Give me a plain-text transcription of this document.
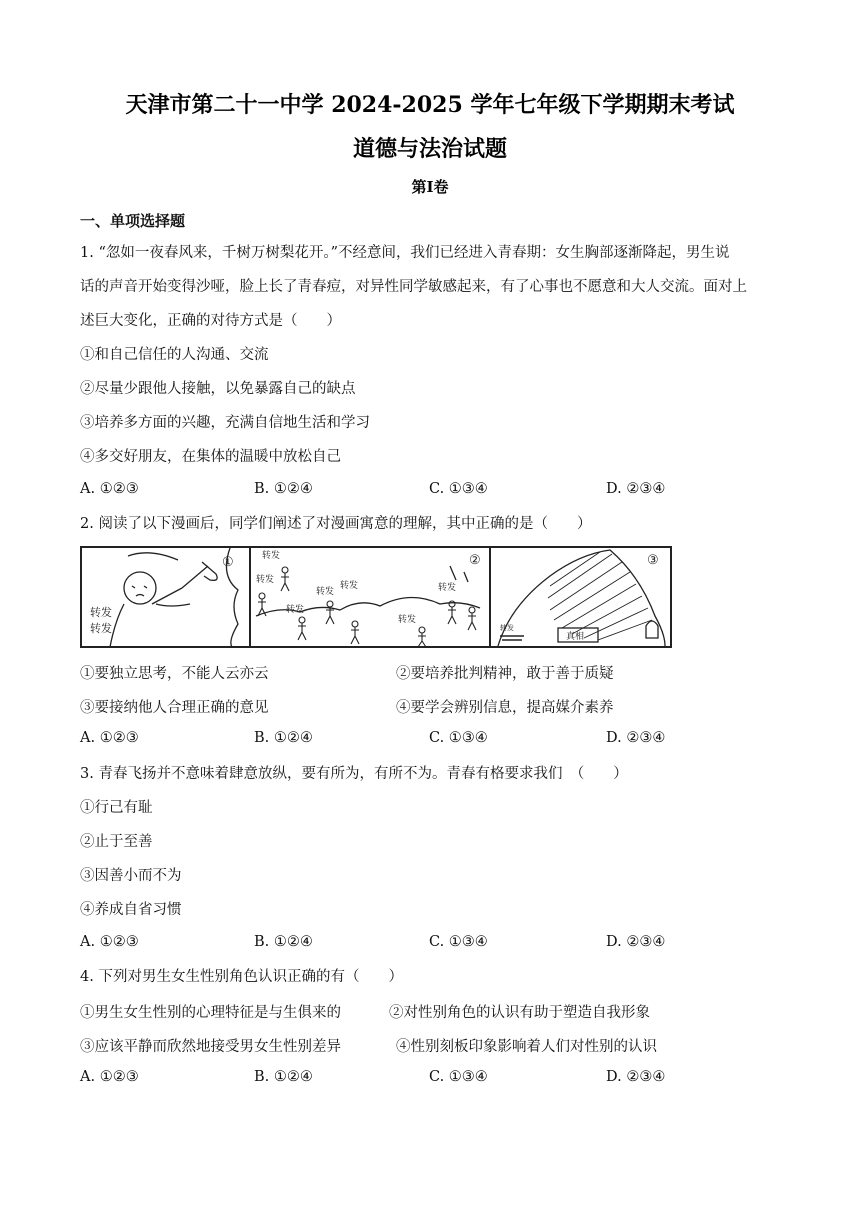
天津市第二十一中学 2024-2025 学年七年级下学期期末考试
道德与法治试题
第Ⅰ卷
一、单项选择题
1. “忽如一夜春风来，千树万树梨花开。”不经意间，我们已经进入青春期：女生胸部逐渐降起，男生说
话的声音开始变得沙哑，脸上长了青春痘，对异性同学敏感起来，有了心事也不愿意和大人交流。面对上
述巨大变化，正确的对待方式是（　　）
①和自己信任的人沟通、交流
②尽量少跟他人接触，以免暴露自己的缺点
③培养多方面的兴趣，充满自信地生活和学习
④多交好朋友，在集体的温暖中放松自己
A. ①②③	B. ①②④	C. ①③④	D. ②③④
2. 阅读了以下漫画后，同学们阐述了对漫画寓意的理解，其中正确的是（　　）
①	②	③
转发
转发
转发
转发
转发
转发
转发
转发
转发
真相
转发
①要独立思考，不能人云亦云	②要培养批判精神，敢于善于质疑
③要接纳他人合理正确的意见	④要学会辨别信息，提高媒介素养
A. ①②③	B. ①②④	C. ①③④	D. ②③④
3. 青春飞扬并不意味着肆意放纵，要有所为，有所不为。青春有格要求我们　（　　）
①行己有耻
②止于至善
③因善小而不为
④养成自省习惯
A. ①②③	B. ①②④	C. ①③④	D. ②③④
4. 下列对男生女生性别角色认识正确的有（　　）
①男生女生性别的心理特征是与生俱来的	②对性别角色的认识有助于塑造自我形象
③应该平静而欣然地接受男女生性别差异	④性别刻板印象影响着人们对性别的认识
A. ①②③	B. ①②④	C. ①③④	D. ②③④
